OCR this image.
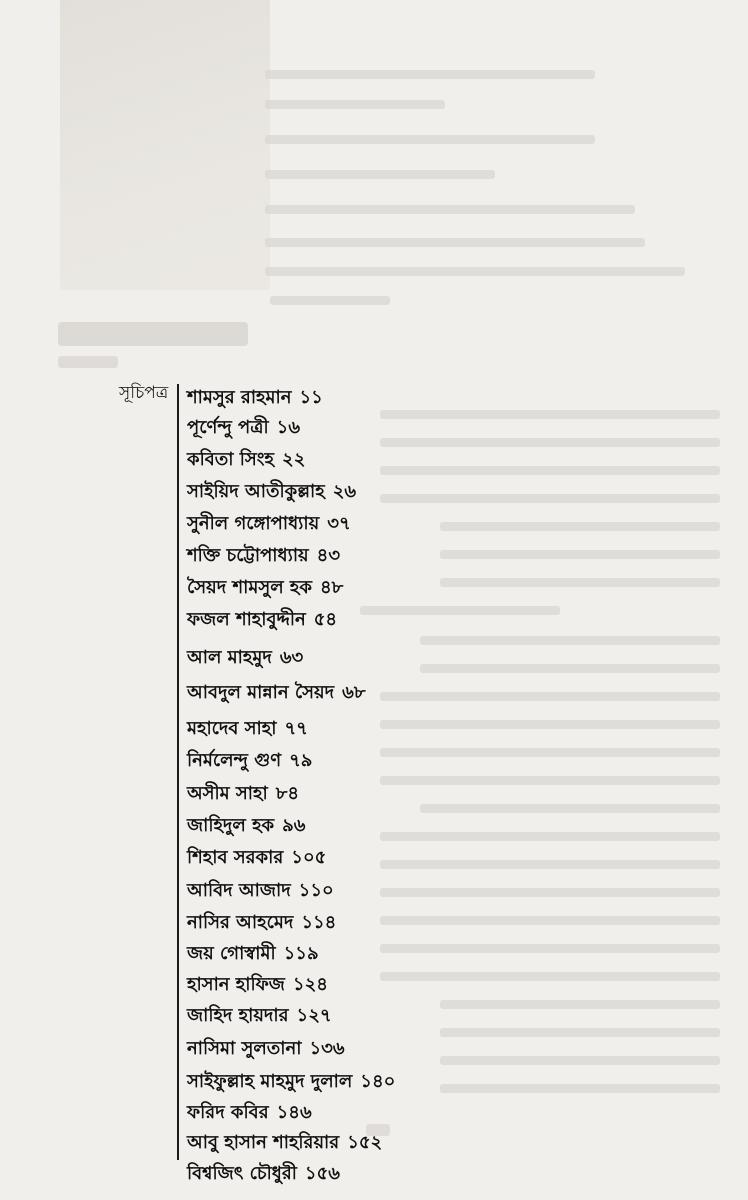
সূচিপত্র শামসুর রাহমান ১১
পূর্ণেন্দু পত্রী ১৬
কবিতা সিংহ ২২
সাইয়িদ আতীকুল্লাহ ২৬
সুনীল গঙ্গোপাধ্যায় ৩৭
শক্তি চট্টোপাধ্যায় ৪৩
সৈয়দ শামসুল হক ৪৮
ফজল শাহাবুদ্দীন ৫৪
আল মাহমুদ ৬৩
আবদুল মান্নান সৈয়দ ৬৮
মহাদেব সাহা ৭৭
নির্মলেন্দু গুণ ৭৯
অসীম সাহা ৮৪
জাহিদুল হক ৯৬
শিহাব সরকার ১০৫
আবিদ আজাদ ১১০
নাসির আহমেদ ১১৪
জয় গোস্বামী ১১৯
হাসান হাফিজ ১২৪
জাহিদ হায়দার ১২৭
নাসিমা সুলতানা ১৩৬
সাইফুল্লাহ মাহমুদ দুলাল ১৪০
ফরিদ কবির ১৪৬
আবু হাসান শাহরিয়ার ১৫২
বিশ্বজিৎ চৌধুরী ১৫৬
